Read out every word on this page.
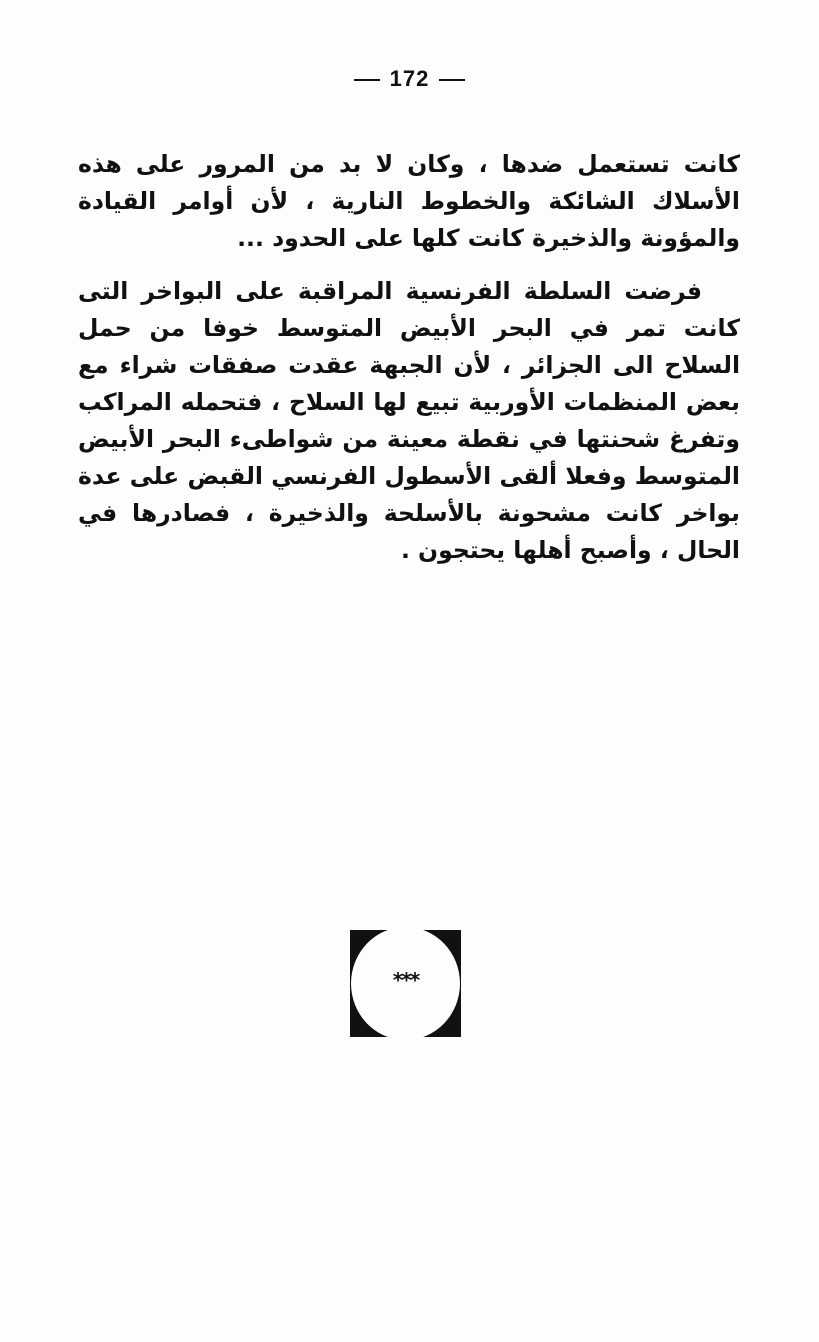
172

كانت تستعمل ضدها ، وكان لا بد من المرور على هذه الأسلاك الشائكة والخطوط النارية ، لأن أوامر القيادة والمؤونة والذخيرة كانت كلها على الحدود ...

فرضت السلطة الفرنسية المراقبة على البواخر التى كانت تمر في البحر الأبيض المتوسط خوفا من حمل السلاح الى الجزائر ، لأن الجبهة عقدت صفقات شراء مع بعض المنظمات الأوربية تبيع لها السلاح ، فتحمله المراكب وتفرغ شحنتها في نقطة معينة من شواطىء البحر الأبيض المتوسط وفعلا ألقى الأسطول الفرنسي القبض على عدة بواخر كانت مشحونة بالأسلحة والذخيرة ، فصادرها في الحال ، وأصبح أهلها يحتجون .

***
